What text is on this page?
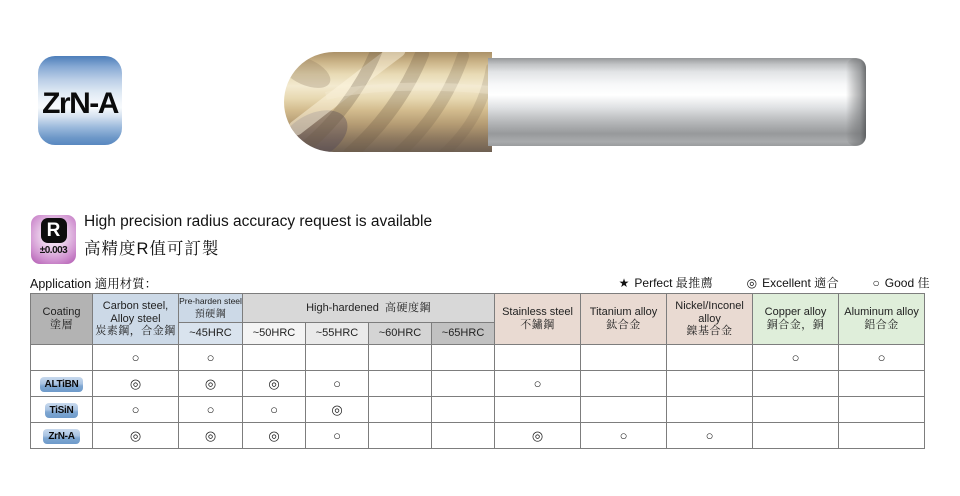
ZrN-A
R
±0.003
High precision radius accuracy request is available
高精度R值可訂製
Application 適用材質：	★ Perfect 最推薦	◎ Excellent 適合	○ Good 佳
Coating
塗層	Carbon steel,
Alloy steel
炭素鋼，合金鋼	Pre-harden steel
預硬鋼	High-hardened 高硬度鋼				Stainless steel
不鏽鋼	Titanium alloy
鈦合金	Nickel/Inconel
alloy
鎳基合金	Copper alloy
銅合金，銅	Aluminum alloy
鋁合金
		~45HRC	~50HRC	~55HRC	~60HRC	~65HRC					
	○	○								○	○
ALTiBN	◎	◎	◎	○			○				
TiSiN	○	○	○	◎							
ZrN-A	◎	◎	◎	○			◎	○	○		
